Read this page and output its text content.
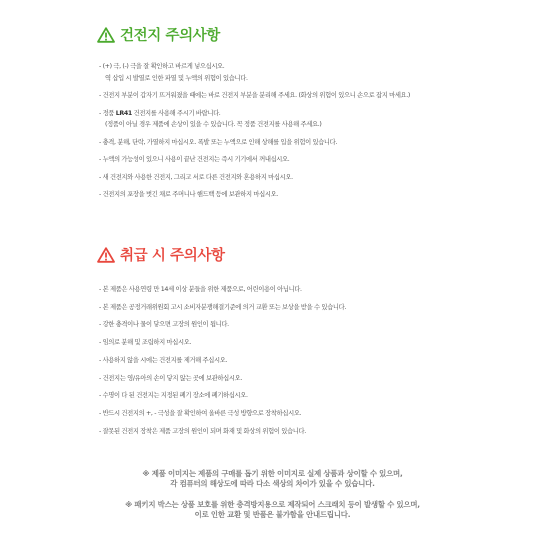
건전지 주의사항
- (+) 극, (-) 극을 잘 확인하고 바르게 넣으십시오.
역 삽입 시 발열로 인한 파열 및 누액의 위험이 있습니다.
- 건전지 부분이 갑자기 뜨거워졌을 때에는 바로 건전지 부분을 분리해 주세요. (화상의 위험이 있으니 손으로 잡지 마세요.)
- 정품 LR41 건전지를 사용해 주시기 바랍니다.
(정품이 아닐 경우 제품에 손상이 있을 수 있습니다. 꼭 정품 건전지를 사용해 주세요.)
- 충격, 분해, 단락, 가열하지 마십시오. 폭발 또는 누액으로 인해 상해를 입을 위험이 있습니다.
- 누액의 가능성이 있으니 사용이 끝난 건전지는 즉시 기기에서 꺼내십시오.
- 새 건전지와 사용한 건전지, 그리고 서로 다른 건전지와 혼용하지 마십시오.
- 건전지의 포장을 벗긴 채로 주머니나 핸드백 등에 보관하지 마십시오.
취급 시 주의사항
- 본 제품은 사용연령 만 14세 이상 분들을 위한 제품으로, 어린이용이 아닙니다.
- 본 제품은 공정거래위원회 고시 소비자분쟁해결기준에 의거 교환 또는 보상을 받을 수 있습니다.
- 강한 충격이나 물이 닿으면 고장의 원인이 됩니다.
- 임의로 분해 및 조립하지 마십시오.
- 사용하지 않을 시에는 건전지를 제거해 주십시오.
- 건전지는 영/유아의 손이 닿지 않는 곳에 보관하십시오.
- 수명이 다 된 건전지는 지정된 폐기 장소에 폐기하십시오.
- 반드시 건전지의 +, - 극성을 잘 확인하여 올바른 극성 방향으로 장착하십시오.
- 잘못된 건전지 장착은 제품 고장의 원인이 되며 화재 및 화상의 위험이 있습니다.

※ 제품 이미지는 제품의 구매를 돕기 위한 이미지로 실제 상품과 상이할 수 있으며,
각 컴퓨터의 해상도에 따라 다소 색상의 차이가 있을 수 있습니다.

※ 패키지 박스는 상품 보호를 위한 충격방지용으로 제작되어 스크래치 등이 발생할 수 있으며,
이로 인한 교환 및 반품은 불가함을 안내드립니다.
